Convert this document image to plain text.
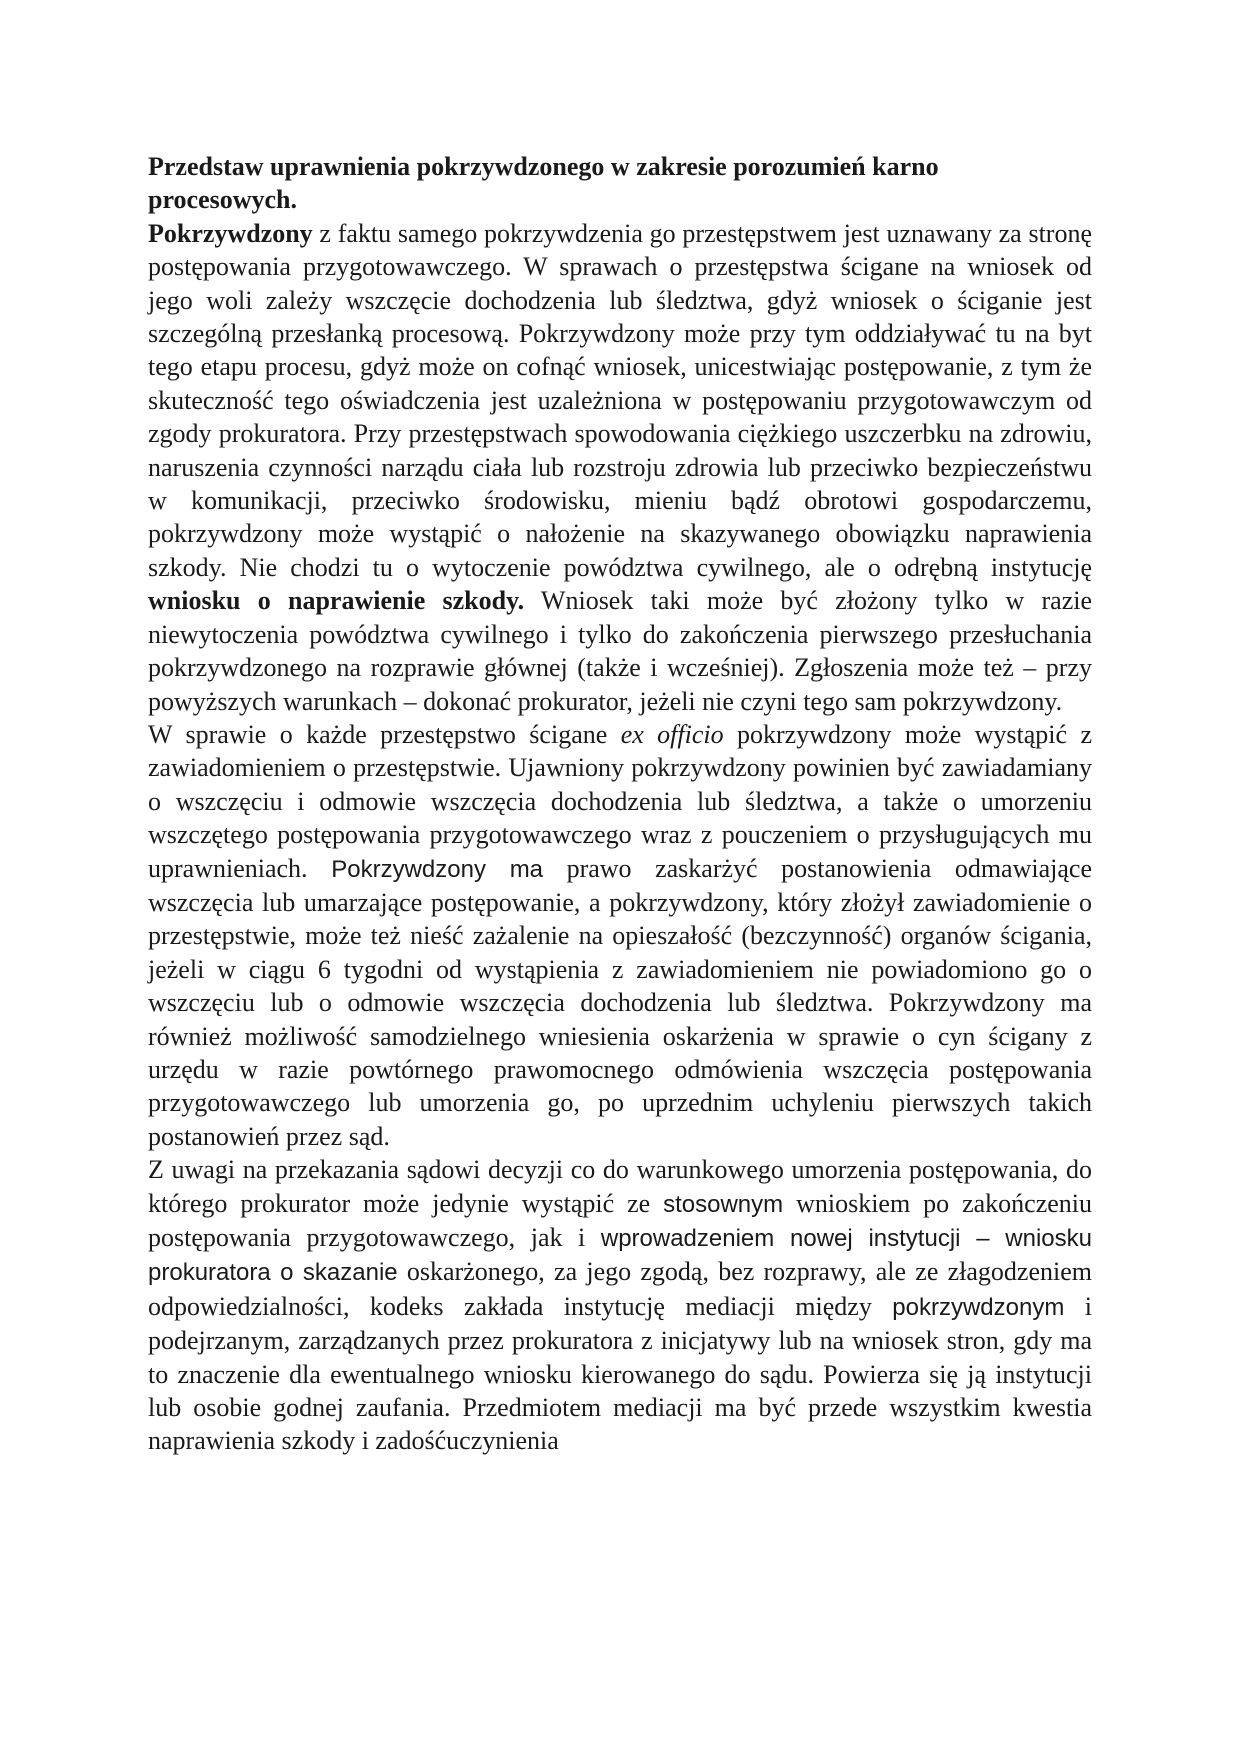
Przedstaw uprawnienia pokrzywdzonego w zakresie porozumień karno procesowych.

Pokrzywdzony z faktu samego pokrzywdzenia go przestępstwem jest uznawany za stronę postępowania przygotowawczego. W sprawach o przestępstwa ścigane na wniosek od jego woli zależy wszczęcie dochodzenia lub śledztwa, gdyż wniosek o ściganie jest szczególną przesłanką procesową. Pokrzywdzony może przy tym oddziaływać tu na byt tego etapu procesu, gdyż może on cofnąć wniosek, unicestwiając postępowanie, z tym że skuteczność tego oświadczenia jest uzależniona w postępowaniu przygotowawczym od zgody prokuratora. Przy przestępstwach spowodowania ciężkiego uszczerbku na zdrowiu, naruszenia czynności narządu ciała lub rozstroju zdrowia lub przeciwko bezpieczeństwu w komunikacji, przeciwko środowisku, mieniu bądź obrotowi gospodarczemu, pokrzywdzony może wystąpić o nałożenie na skazywanego obowiązku naprawienia szkody. Nie chodzi tu o wytoczenie powództwa cywilnego, ale o odrębną instytucję wniosku o naprawienie szkody. Wniosek taki może być złożony tylko w razie niewytoczenia powództwa cywilnego i tylko do zakończenia pierwszego przesłuchania pokrzywdzonego na rozprawie głównej (także i wcześniej). Zgłoszenia może też – przy powyższych warunkach – dokonać prokurator, jeżeli nie czyni tego sam pokrzywdzony.

W sprawie o każde przestępstwo ścigane ex officio pokrzywdzony może wystąpić z zawiadomieniem o przestępstwie. Ujawniony pokrzywdzony powinien być zawiadamiany o wszczęciu i odmowie wszczęcia dochodzenia lub śledztwa, a także o umorzeniu wszczętego postępowania przygotowawczego wraz z pouczeniem o przysługujących mu uprawnieniach. Pokrzywdzony ma prawo zaskarżyć postanowienia odmawiające wszczęcia lub umarzające postępowanie, a pokrzywdzony, który złożył zawiadomienie o przestępstwie, może też nieść zażalenie na opieszałość (bezczynność) organów ścigania, jeżeli w ciągu 6 tygodni od wystąpienia z zawiadomieniem nie powiadomiono go o wszczęciu lub o odmowie wszczęcia dochodzenia lub śledztwa. Pokrzywdzony ma również możliwość samodzielnego wniesienia oskarżenia w sprawie o cyn ścigany z urzędu w razie powtórnego prawomocnego odmówienia wszczęcia postępowania przygotowawczego lub umorzenia go, po uprzednim uchyleniu pierwszych takich postanowień przez sąd.

Z uwagi na przekazania sądowi decyzji co do warunkowego umorzenia postępowania, do którego prokurator może jedynie wystąpić ze stosownym wnioskiem po zakończeniu postępowania przygotowawczego, jak i wprowadzeniem nowej instytucji – wniosku prokuratora o skazanie oskarżonego, za jego zgodą, bez rozprawy, ale ze złagodzeniem odpowiedzialności, kodeks zakłada instytucję mediacji między pokrzywdzonym i podejrzanym, zarządzanych przez prokuratora z inicjatywy lub na wniosek stron, gdy ma to znaczenie dla ewentualnego wniosku kierowanego do sądu. Powierza się ją instytucji lub osobie godnej zaufania. Przedmiotem mediacji ma być przede wszystkim kwestia naprawienia szkody i zadośćuczynienia
